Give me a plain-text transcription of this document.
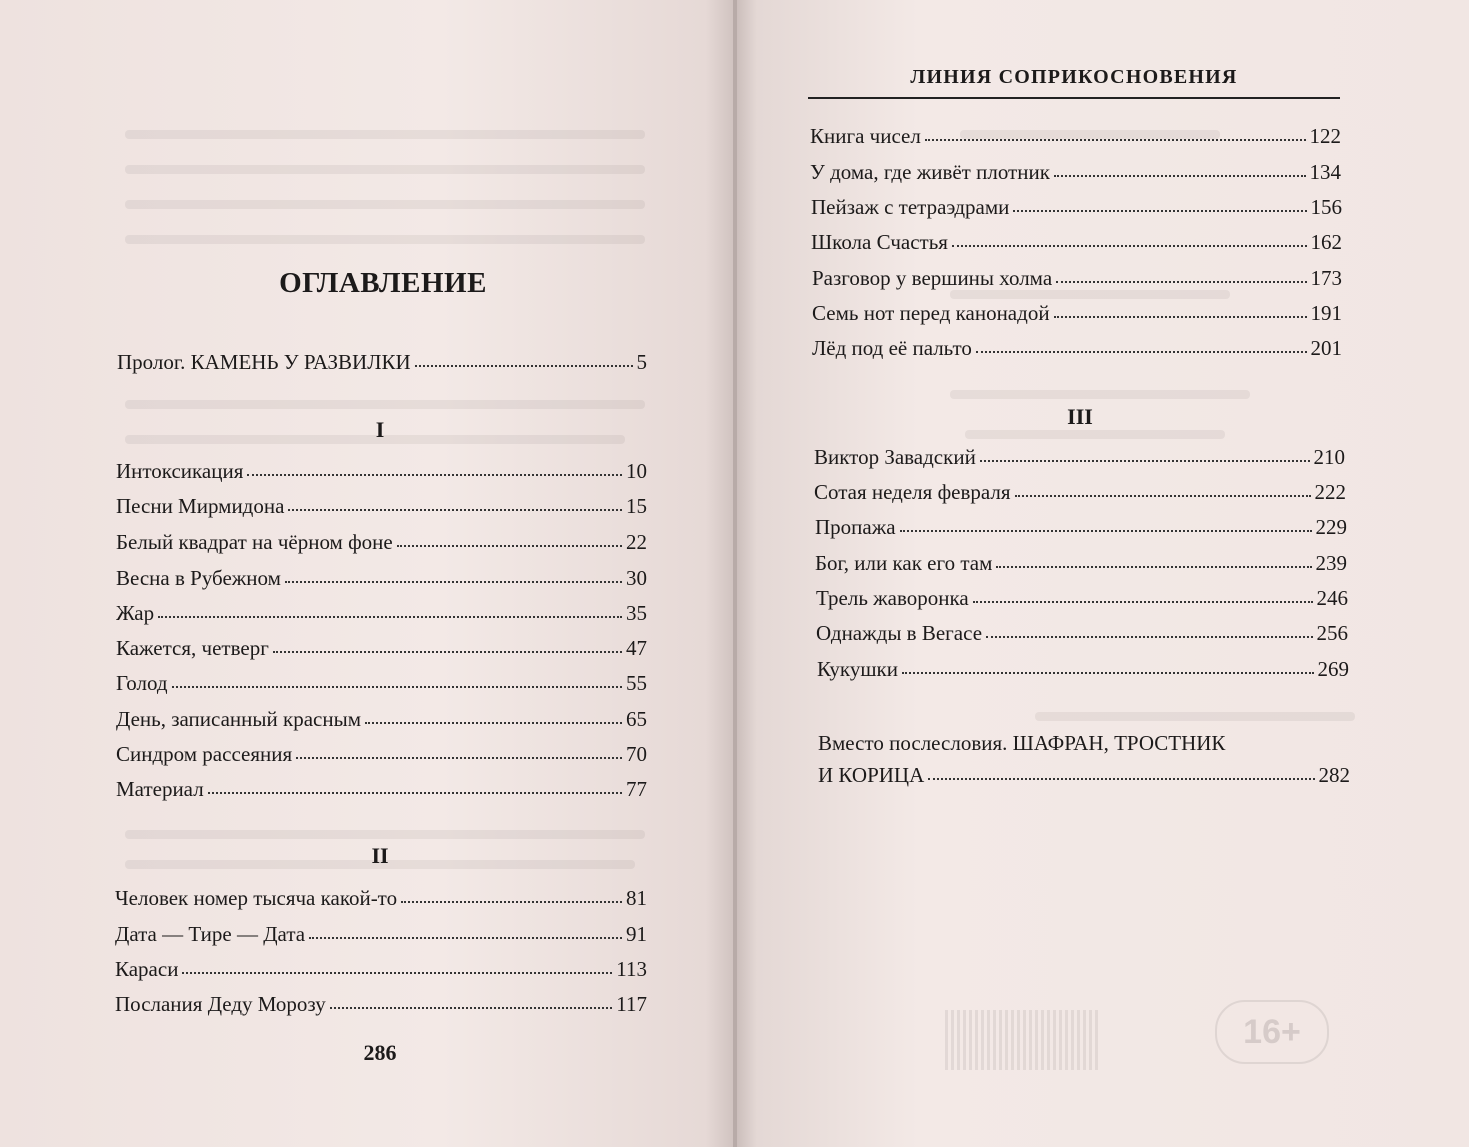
16+
ЛИНИЯ СОПРИКОСНОВЕНИЯ
ОГЛАВЛЕНИЕ
Пролог. КАМЕНЬ У РАЗВИЛКИ	5
I
Интоксикация	10
Песни Мирмидона	15
Белый квадрат на чёрном фоне	22
Весна в Рубежном	30
Жар	35
Кажется, четверг	47
Голод	55
День, записанный красным	65
Синдром рассеяния	70
Материал	77
II
Человек номер тысяча какой-то	81
Дата — Тире — Дата	91
Караси	113
Послания Деду Морозу	117
286
Книга чисел	122
У дома, где живёт плотник	134
Пейзаж с тетраэдрами	156
Школа Счастья	162
Разговор у вершины холма	173
Семь нот перед канонадой	191
Лёд под её пальто	201
III
Виктор Завадский	210
Сотая неделя февраля	222
Пропажа	229
Бог, или как его там	239
Трель жаворонка	246
Однажды в Вегасе	256
Кукушки	269
Вместо послесловия. ШАФРАН, ТРОСТНИК
И КОРИЦА	282
